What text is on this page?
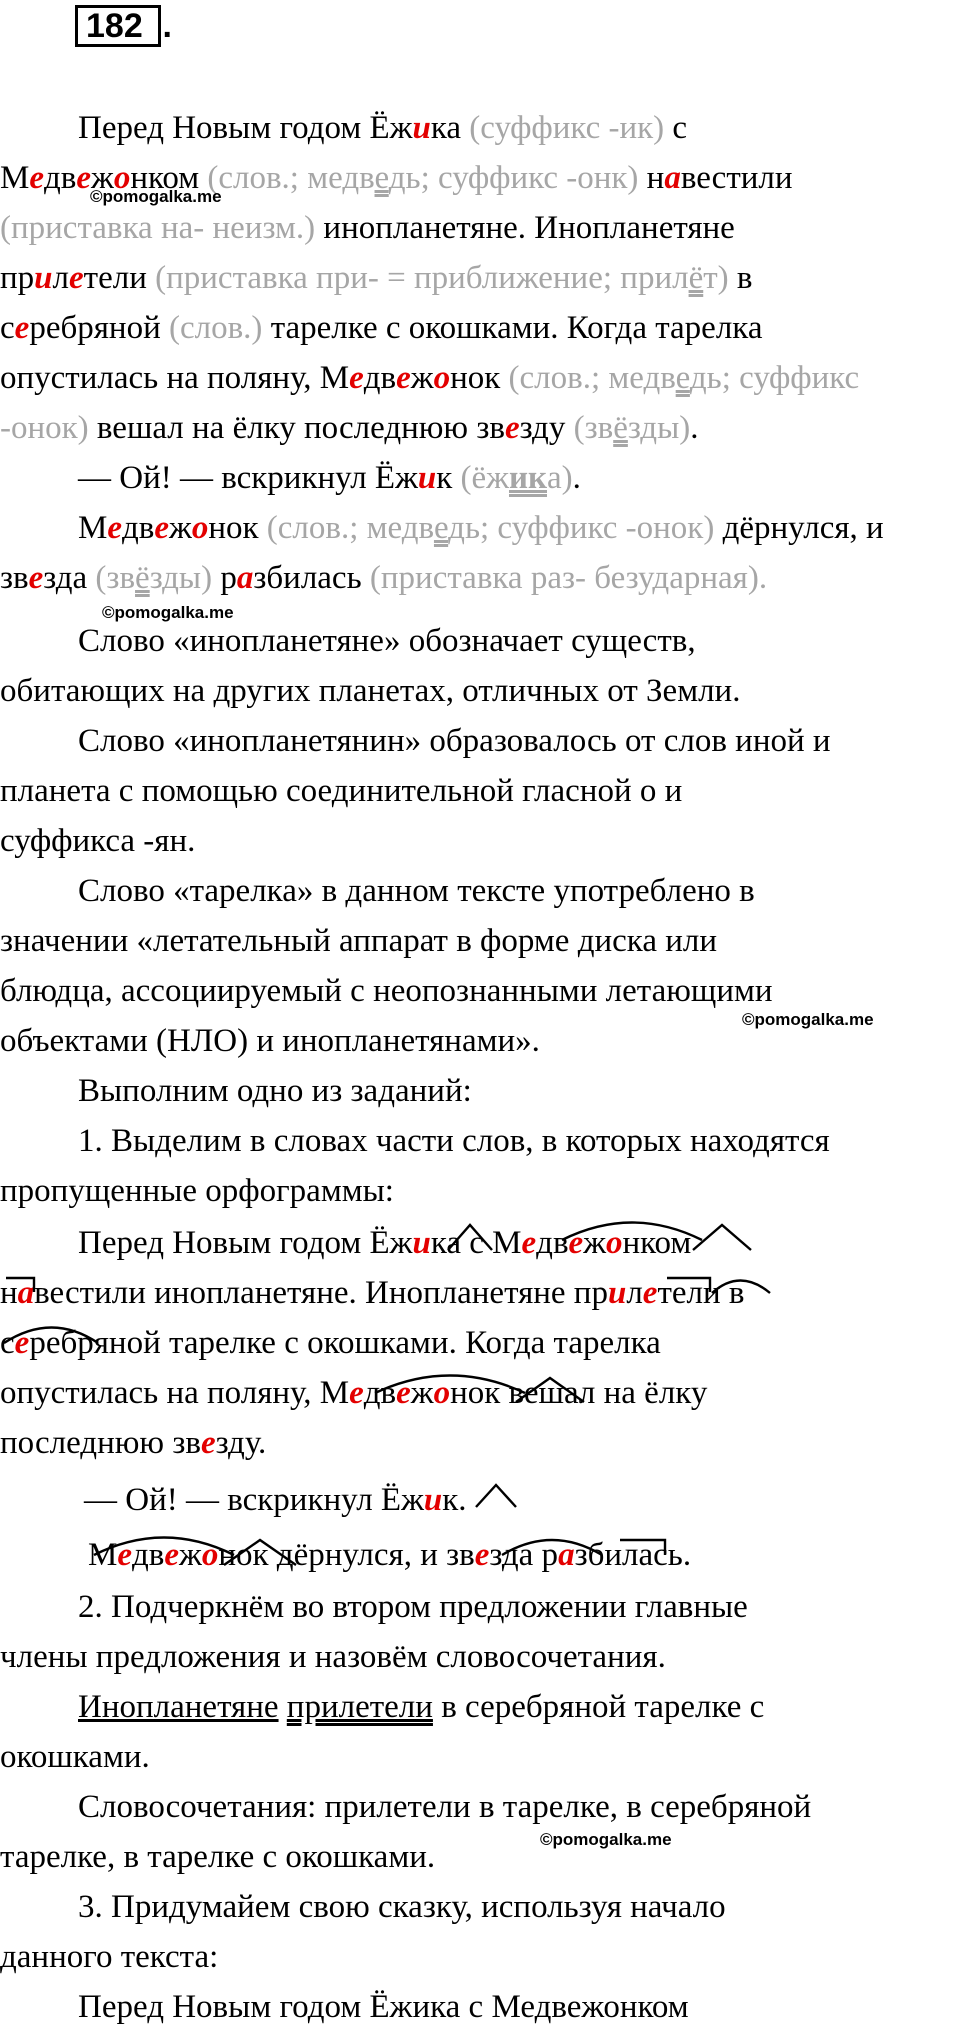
182 .
Перед Новым годом Ёжика (суффикс -ик) с
Медвежонком (слов.; медведь; суффикс -онк) навестили
(приставка на- неизм.) инопланетяне. Инопланетяне
прилетели (приставка при- = приближение; прилёт) в
серебряной (слов.) тарелке с окошками. Когда тарелка
опустилась на поляну, Медвежонок (слов.; медведь; суффикс
-онок) вешал на ёлку последнюю звезду (звёзды).
— Ой! — вскрикнул Ёжик (ёжика).
Медвежонок (слов.; медведь; суффикс -онок) дёрнулся, и
звезда (звёзды) разбилась (приставка раз- безударная).
Слово «инопланетяне» обозначает существ,
обитающих на других планетах, отличных от Земли.
Слово «инопланетянин» образовалось от слов иной и
планета с помощью соединительной гласной о и
суффикса -ян.
Слово «тарелка» в данном тексте употреблено в
значении «летательный аппарат в форме диска или
блюдца, ассоциируемый с неопознанными летающими
объектами (НЛО) и инопланетянами».
Выполним одно из заданий:
1. Выделим в словах части слов, в которых находятся
пропущенные орфограммы:
Перед Новым годом Ёжика с Медвежонком
навестили инопланетяне. Инопланетяне прилетели в
серебряной тарелке с окошками. Когда тарелка
опустилась на поляну, Медвежонок вешал на ёлку
последнюю звезду.
— Ой! — вскрикнул Ёжик.
Медвежонок дёрнулся, и звезда разбилась.
2. Подчеркнём во втором предложении главные
члены предложения и назовём словосочетания.
Инопланетяне прилетели в серебряной тарелке с
окошками.
Словосочетания: прилетели в тарелке, в серебряной
тарелке, в тарелке с окошками.
3. Придумайем свою сказку, используя начало
данного текста:
Перед Новым годом Ёжика с Медвежонком
©pomogalka.me
©pomogalka.me
©pomogalka.me
©pomogalka.me
